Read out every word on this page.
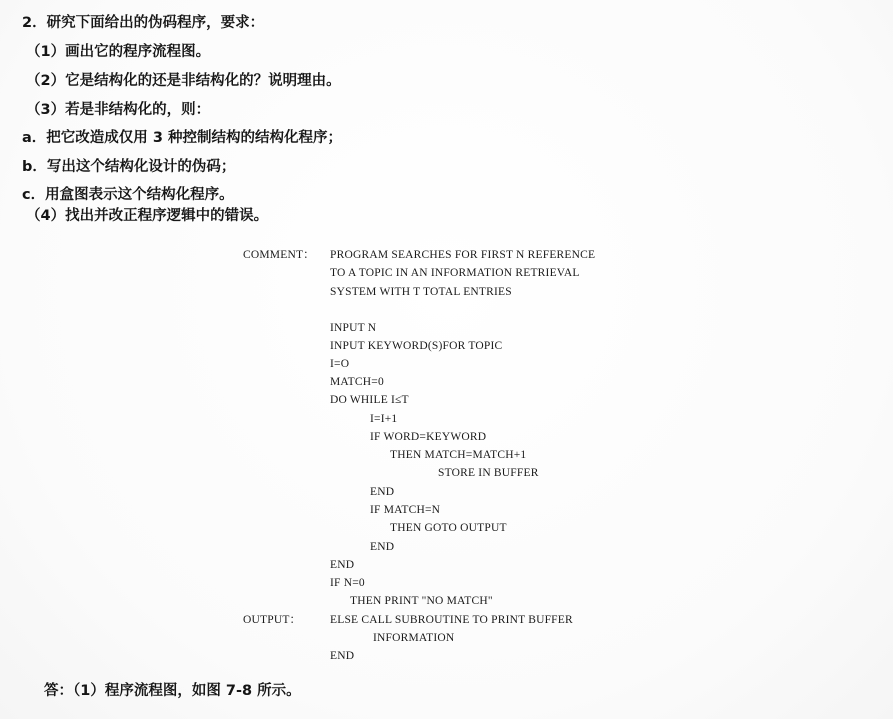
2．研究下面给出的伪码程序，要求：
（1）画出它的程序流程图。
（2）它是结构化的还是非结构化的？说明理由。
（3）若是非结构化的，则：
a．把它改造成仅用 3 种控制结构的结构化程序；
b．写出这个结构化设计的伪码；
c．用盒图表示这个结构化程序。
（4）找出并改正程序逻辑中的错误。
COMMENT： PROGRAM SEARCHES FOR FIRST N REFERENCE
TO A TOPIC IN AN INFORMATION RETRIEVAL
SYSTEM WITH T TOTAL ENTRIES
INPUT N
INPUT KEYWORD(S)FOR TOPIC
I=O
MATCH=0
DO WHILE I≤T
I=I+1
IF WORD=KEYWORD
THEN MATCH=MATCH+1
STORE IN BUFFER
END
IF MATCH=N
THEN GOTO OUTPUT
END
END
IF N=0
THEN PRINT "NO MATCH"
OUTPUT： ELSE CALL SUBROUTINE TO PRINT BUFFER
INFORMATION
END
答：（1）程序流程图，如图 7-8 所示。
